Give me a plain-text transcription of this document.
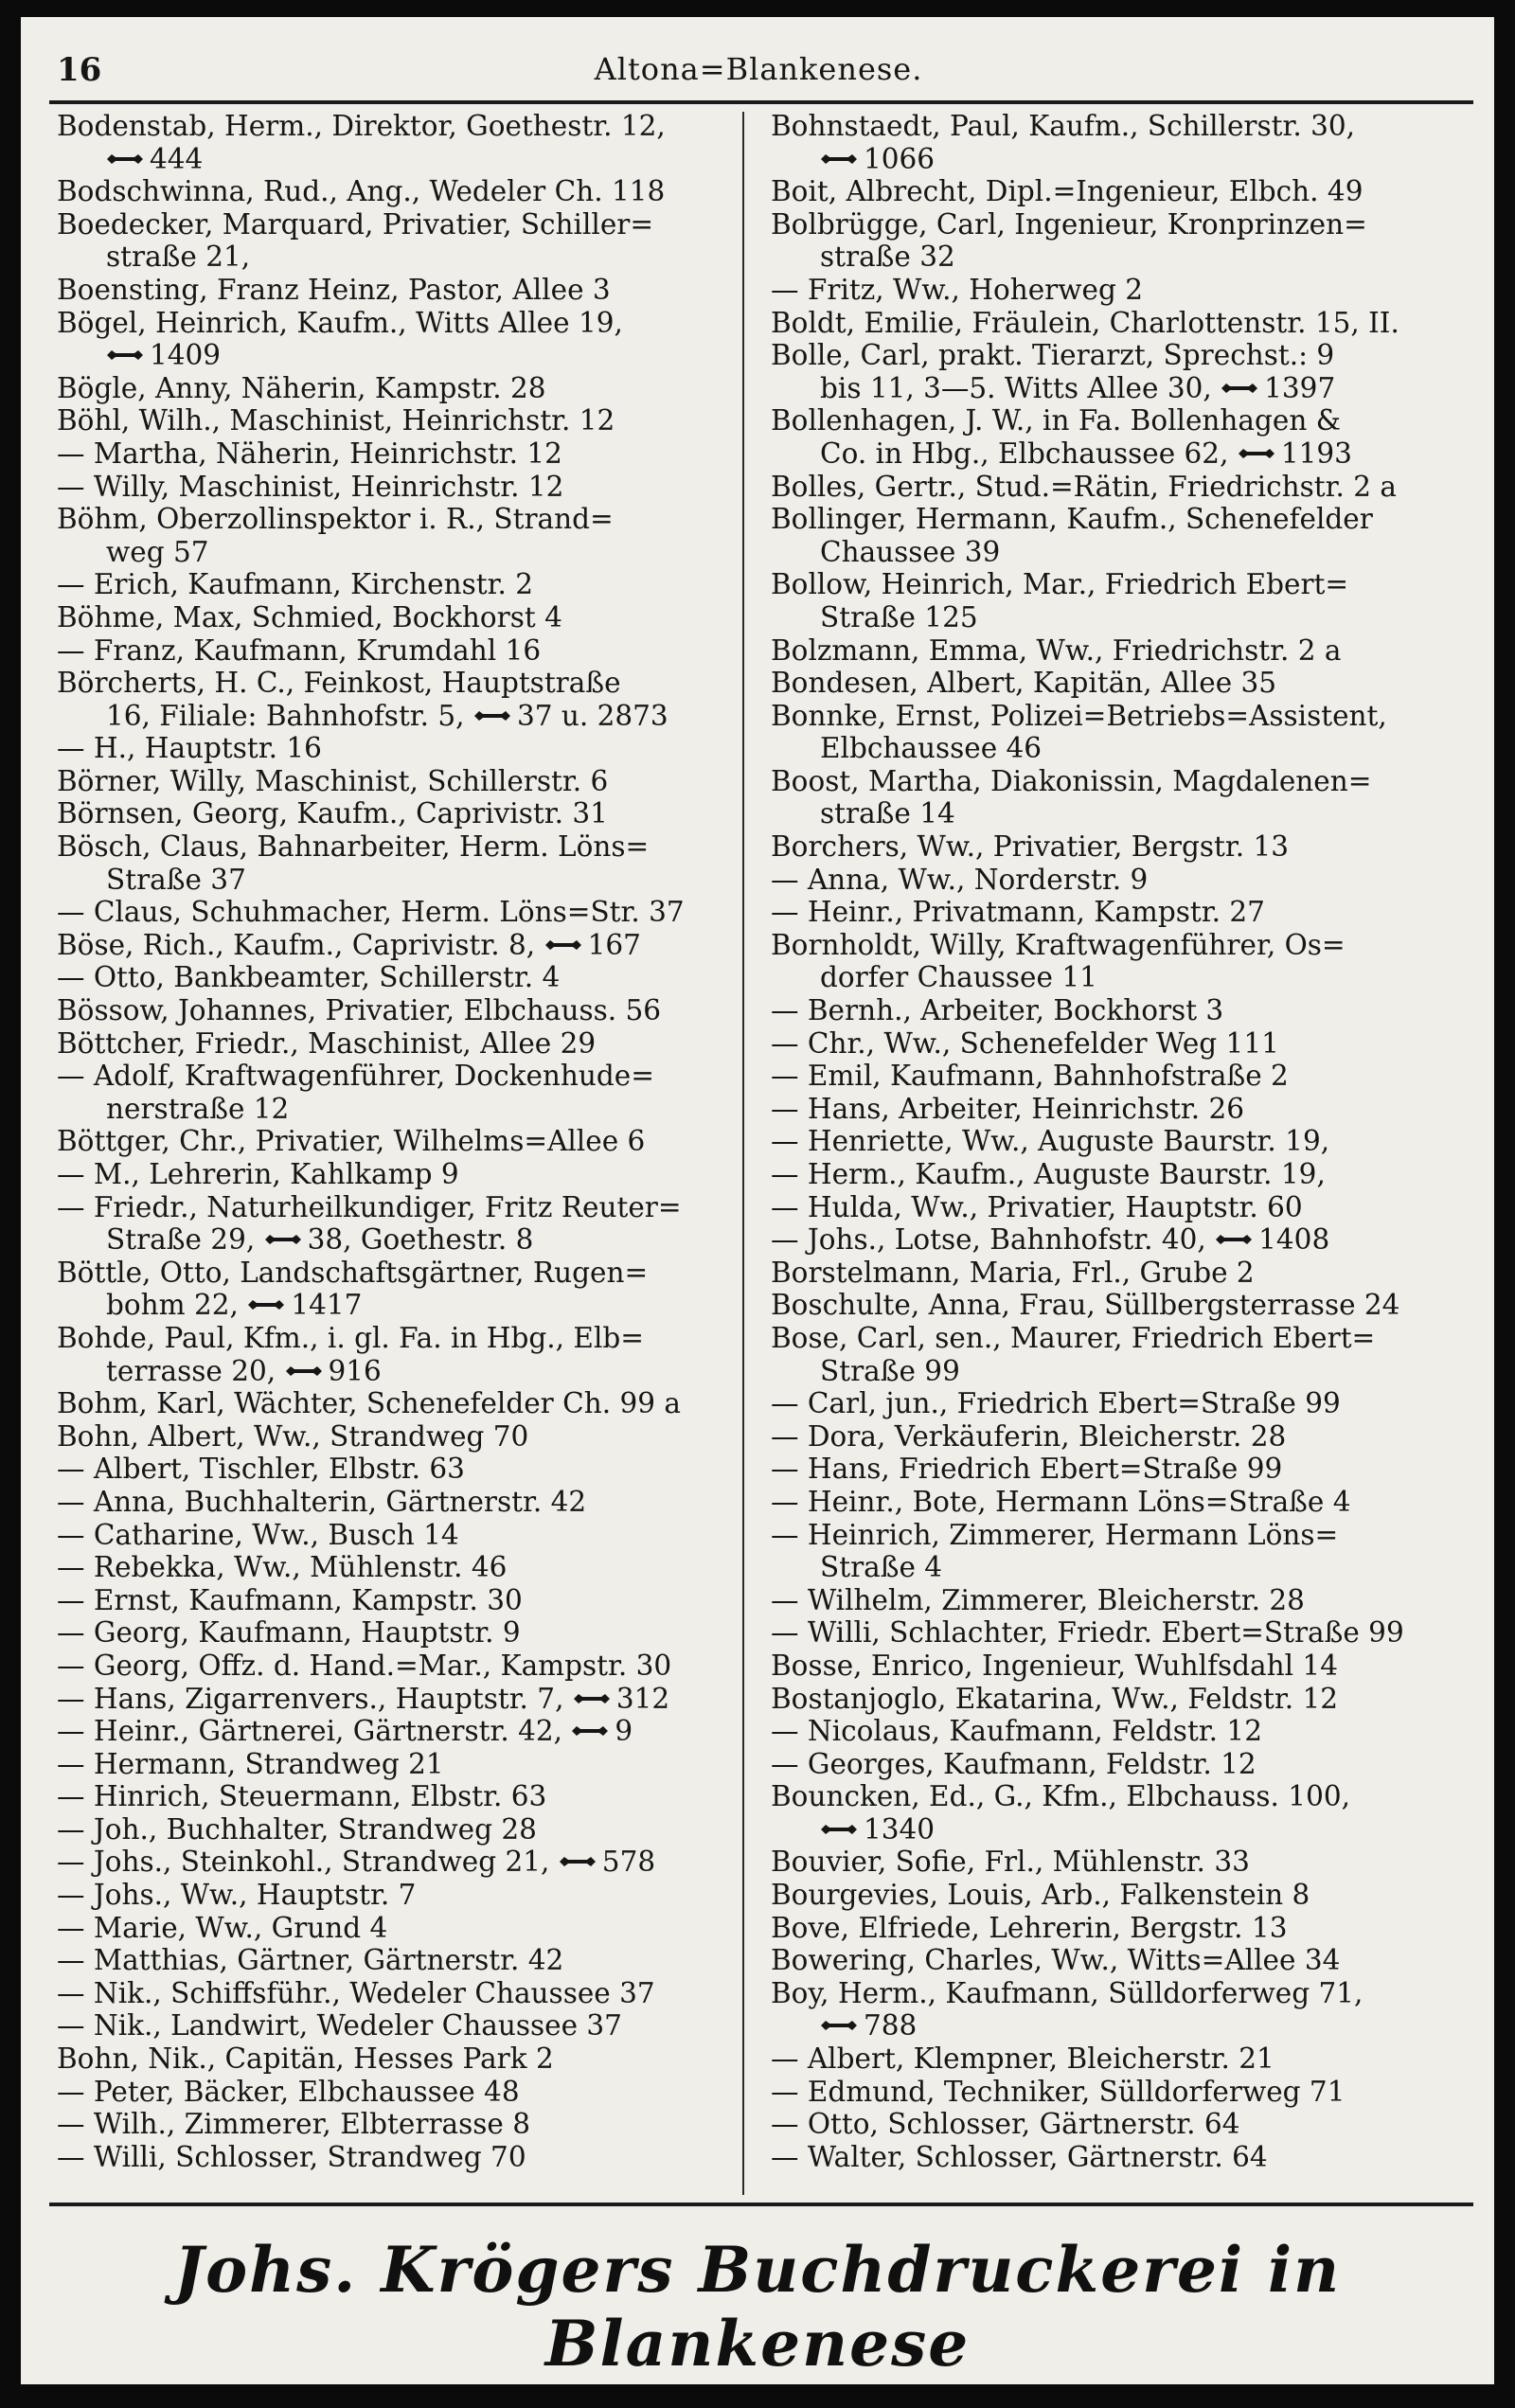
16	Altona=Blankenese.

Bodenstab, Herm., Direktor, Goethestr. 12,
444

Bodschwinna, Rud., Ang., Wedeler Ch. 118

Boedecker, Marquard, Privatier, Schiller=
straße 21,

Boensting, Franz Heinz, Pastor, Allee 3

Bögel, Heinrich, Kaufm., Witts Allee 19,
1409

Bögle, Anny, Näherin, Kampstr. 28

Böhl, Wilh., Maschinist, Heinrichstr. 12

— Martha, Näherin, Heinrichstr. 12

— Willy, Maschinist, Heinrichstr. 12

Böhm, Oberzollinspektor i. R., Strand=
weg 57

— Erich, Kaufmann, Kirchenstr. 2

Böhme, Max, Schmied, Bockhorst 4

— Franz, Kaufmann, Krumdahl 16

Börcherts, H. C., Feinkost, Hauptstraße
16, Filiale: Bahnhofstr. 5, 37 u. 2873

— H., Hauptstr. 16

Börner, Willy, Maschinist, Schillerstr. 6

Börnsen, Georg, Kaufm., Caprivistr. 31

Bösch, Claus, Bahnarbeiter, Herm. Löns=
Straße 37

— Claus, Schuhmacher, Herm. Löns=Str. 37

Böse, Rich., Kaufm., Caprivistr. 8, 167

— Otto, Bankbeamter, Schillerstr. 4

Bössow, Johannes, Privatier, Elbchauss. 56

Böttcher, Friedr., Maschinist, Allee 29

— Adolf, Kraftwagenführer, Dockenhude=
nerstraße 12

Böttger, Chr., Privatier, Wilhelms=Allee 6

— M., Lehrerin, Kahlkamp 9

— Friedr., Naturheilkundiger, Fritz Reuter=
Straße 29, 38, Goethestr. 8

Böttle, Otto, Landschaftsgärtner, Rugen=
bohm 22, 1417

Bohde, Paul, Kfm., i. gl. Fa. in Hbg., Elb=
terrasse 20, 916

Bohm, Karl, Wächter, Schenefelder Ch. 99 a

Bohn, Albert, Ww., Strandweg 70

— Albert, Tischler, Elbstr. 63

— Anna, Buchhalterin, Gärtnerstr. 42

— Catharine, Ww., Busch 14

— Rebekka, Ww., Mühlenstr. 46

— Ernst, Kaufmann, Kampstr. 30

— Georg, Kaufmann, Hauptstr. 9

— Georg, Offz. d. Hand.=Mar., Kampstr. 30

— Hans, Zigarrenvers., Hauptstr. 7, 312

— Heinr., Gärtnerei, Gärtnerstr. 42, 9

— Hermann, Strandweg 21

— Hinrich, Steuermann, Elbstr. 63

— Joh., Buchhalter, Strandweg 28

— Johs., Steinkohl., Strandweg 21, 578

— Johs., Ww., Hauptstr. 7

— Marie, Ww., Grund 4

— Matthias, Gärtner, Gärtnerstr. 42

— Nik., Schiffsführ., Wedeler Chaussee 37

— Nik., Landwirt, Wedeler Chaussee 37

Bohn, Nik., Capitän, Hesses Park 2

— Peter, Bäcker, Elbchaussee 48

— Wilh., Zimmerer, Elbterrasse 8

— Willi, Schlosser, Strandweg 70

Bohnstaedt, Paul, Kaufm., Schillerstr. 30,
1066

Boit, Albrecht, Dipl.=Ingenieur, Elbch. 49

Bolbrügge, Carl, Ingenieur, Kronprinzen=
straße 32

— Fritz, Ww., Hoherweg 2

Boldt, Emilie, Fräulein, Charlottenstr. 15, II.

Bolle, Carl, prakt. Tierarzt, Sprechst.: 9
bis 11, 3—5. Witts Allee 30, 1397

Bollenhagen, J. W., in Fa. Bollenhagen &
Co. in Hbg., Elbchaussee 62, 1193

Bolles, Gertr., Stud.=Rätin, Friedrichstr. 2 a

Bollinger, Hermann, Kaufm., Schenefelder
Chaussee 39

Bollow, Heinrich, Mar., Friedrich Ebert=
Straße 125

Bolzmann, Emma, Ww., Friedrichstr. 2 a

Bondesen, Albert, Kapitän, Allee 35

Bonnke, Ernst, Polizei=Betriebs=Assistent,
Elbchaussee 46

Boost, Martha, Diakonissin, Magdalenen=
straße 14

Borchers, Ww., Privatier, Bergstr. 13

— Anna, Ww., Norderstr. 9

— Heinr., Privatmann, Kampstr. 27

Bornholdt, Willy, Kraftwagenführer, Os=
dorfer Chaussee 11

— Bernh., Arbeiter, Bockhorst 3

— Chr., Ww., Schenefelder Weg 111

— Emil, Kaufmann, Bahnhofstraße 2

— Hans, Arbeiter, Heinrichstr. 26

— Henriette, Ww., Auguste Baurstr. 19,

— Herm., Kaufm., Auguste Baurstr. 19,

— Hulda, Ww., Privatier, Hauptstr. 60

— Johs., Lotse, Bahnhofstr. 40, 1408

Borstelmann, Maria, Frl., Grube 2

Boschulte, Anna, Frau, Süllbergsterrasse 24

Bose, Carl, sen., Maurer, Friedrich Ebert=
Straße 99

— Carl, jun., Friedrich Ebert=Straße 99

— Dora, Verkäuferin, Bleicherstr. 28

— Hans, Friedrich Ebert=Straße 99

— Heinr., Bote, Hermann Löns=Straße 4

— Heinrich, Zimmerer, Hermann Löns=
Straße 4

— Wilhelm, Zimmerer, Bleicherstr. 28

— Willi, Schlachter, Friedr. Ebert=Straße 99

Bosse, Enrico, Ingenieur, Wuhlfsdahl 14

Bostanjoglo, Ekatarina, Ww., Feldstr. 12

— Nicolaus, Kaufmann, Feldstr. 12

— Georges, Kaufmann, Feldstr. 12

Bouncken, Ed., G., Kfm., Elbchauss. 100,
1340

Bouvier, Sofie, Frl., Mühlenstr. 33

Bourgevies, Louis, Arb., Falkenstein 8

Bove, Elfriede, Lehrerin, Bergstr. 13

Bowering, Charles, Ww., Witts=Allee 34

Boy, Herm., Kaufmann, Sülldorferweg 71,
788

— Albert, Klempner, Bleicherstr. 21

— Edmund, Techniker, Sülldorferweg 71

— Otto, Schlosser, Gärtnerstr. 64

— Walter, Schlosser, Gärtnerstr. 64

Johs. Krögers Buchdruckerei in Blankenese
